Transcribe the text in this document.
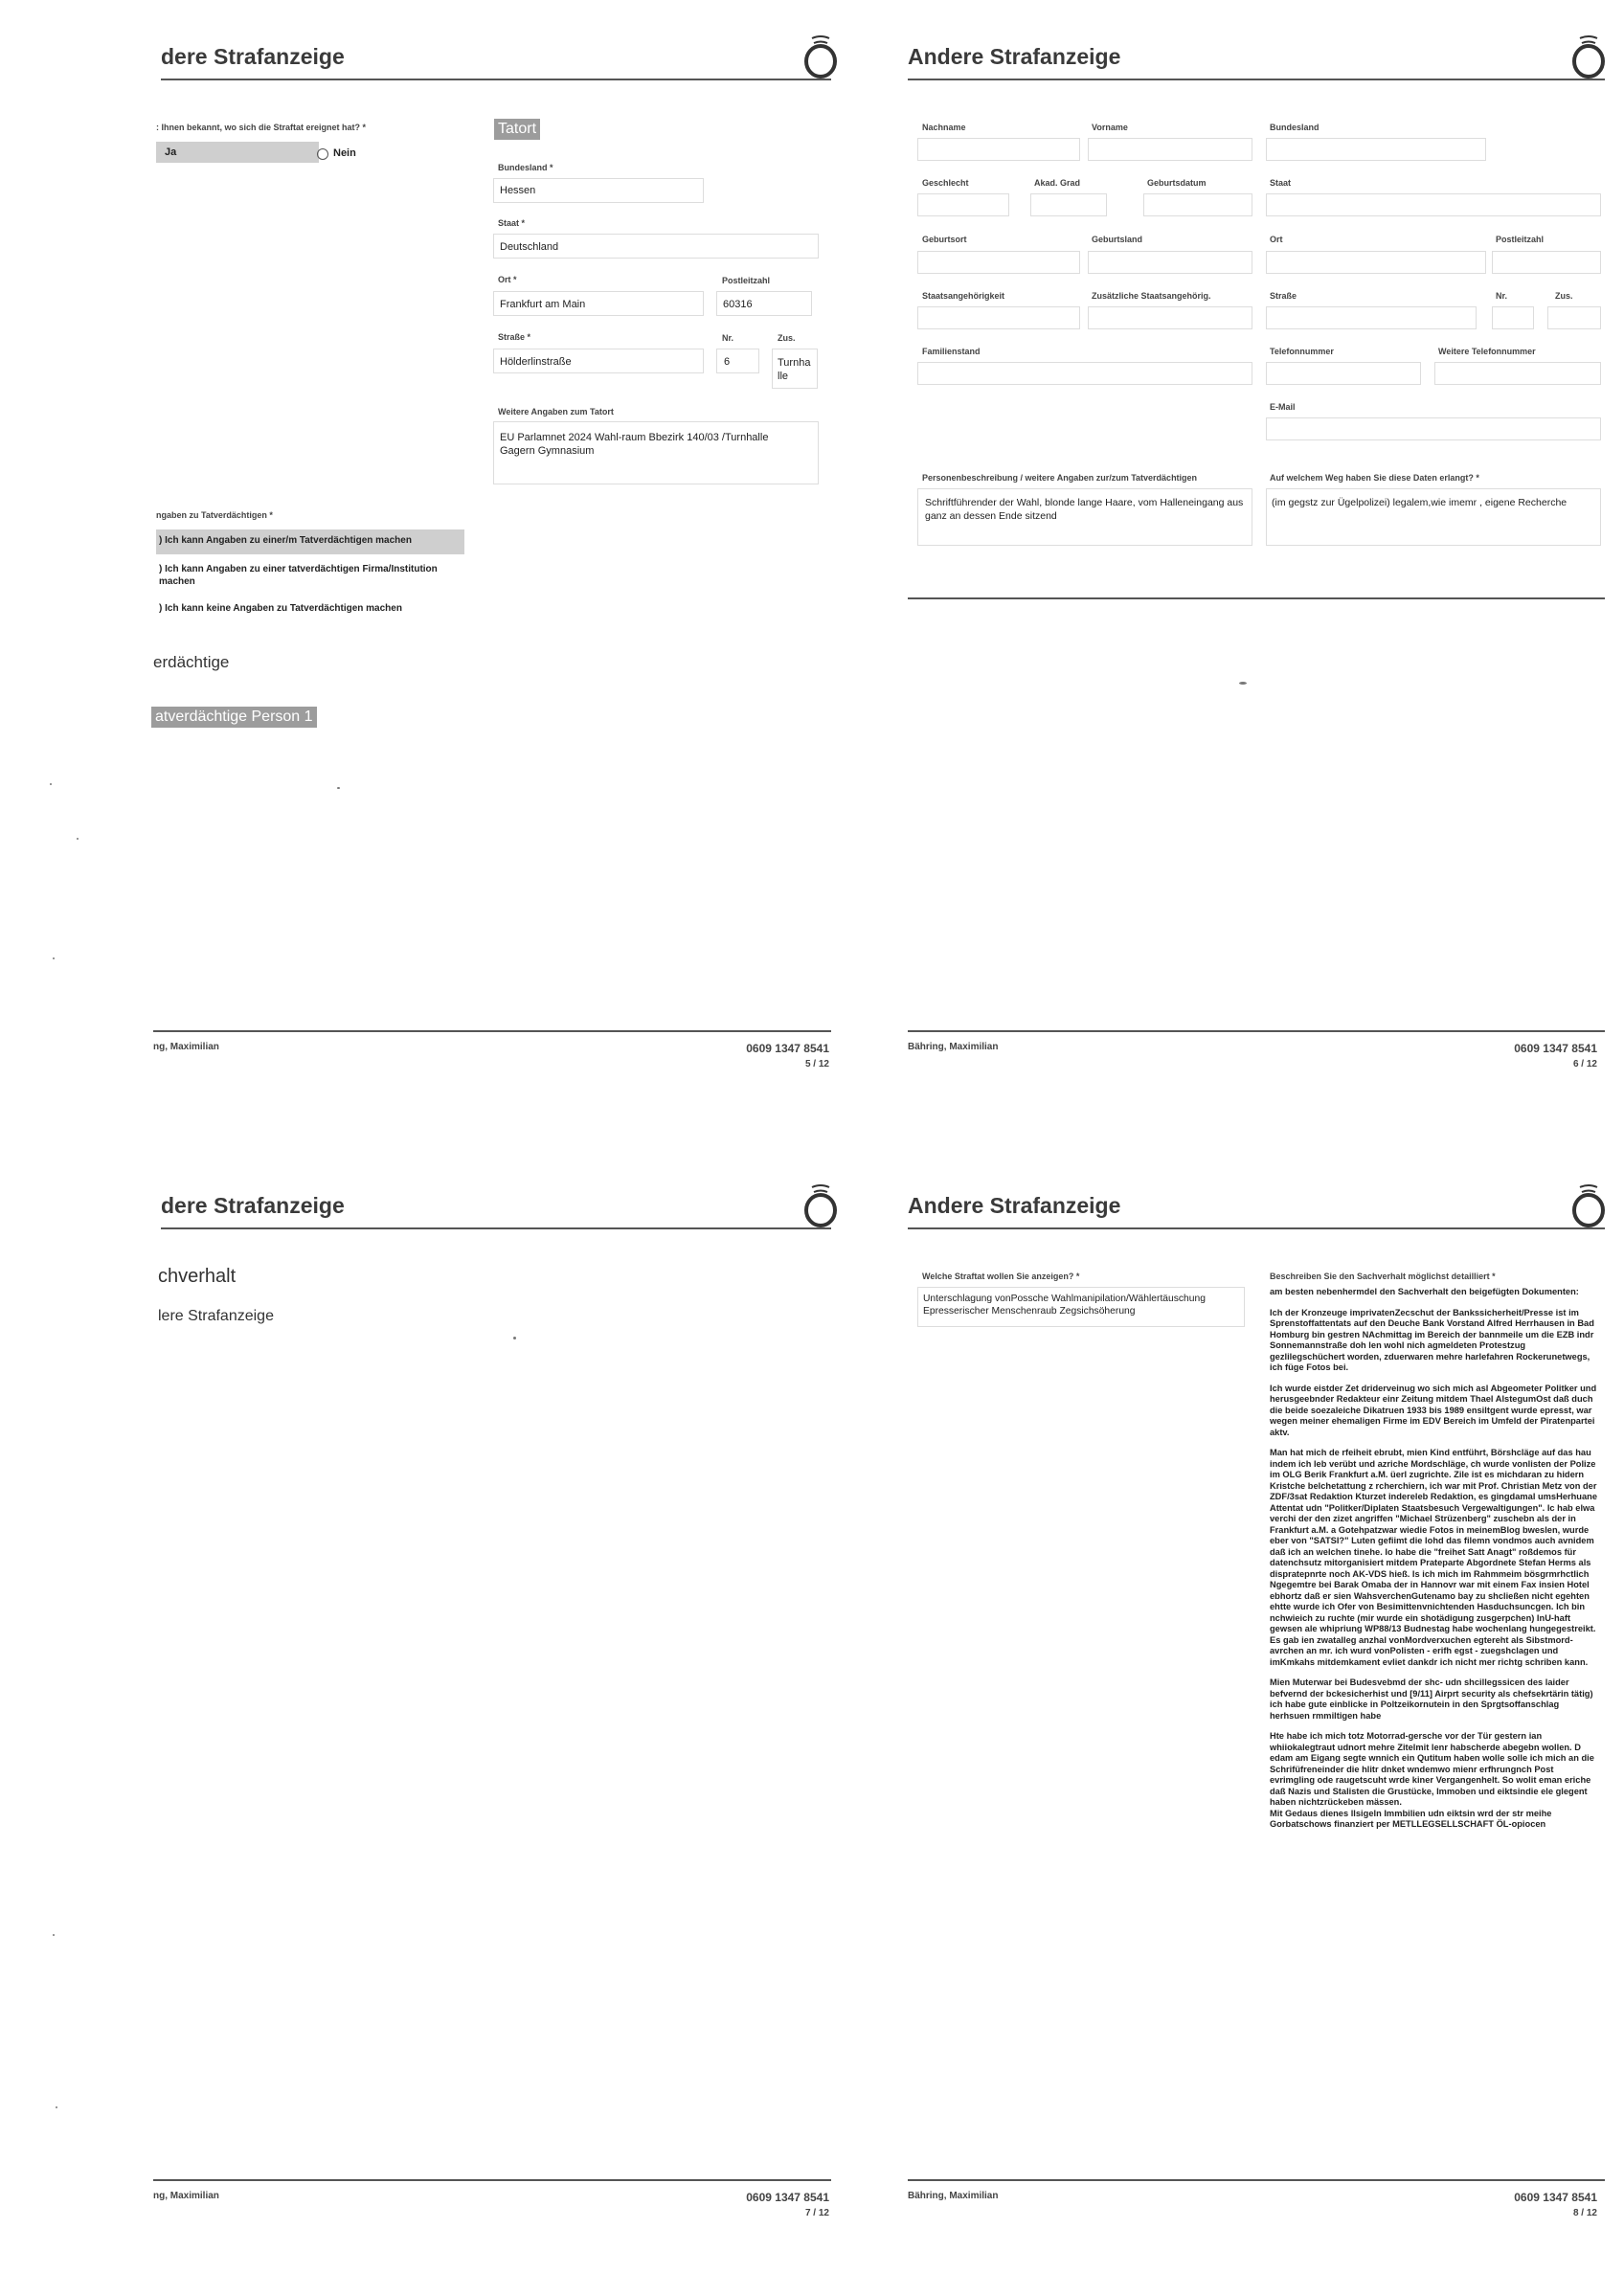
dere Strafanzeige
: Ihnen bekannt, wo sich die Straftat ereignet hat? *
Ja	Nein
Tatort
Bundesland *
Hessen
Staat *
Deutschland
Ort *	Postleitzahl
Frankfurt am Main	60316
Straße *	Nr.	Zus.
Hölderlinstraße	6	Turnha lle
Weitere Angaben zum Tatort
EU Parlamnet 2024 Wahl-raum Bbezirk 140/03 /Turnhalle Gagern Gymnasium
ngaben zu Tatverdächtigen *
) Ich kann Angaben zu einer/m Tatverdächtigen machen
) Ich kann Angaben zu einer tatverdächtigen Firma/Institution machen
) Ich kann keine Angaben zu Tatverdächtigen machen
erdächtige
atverdächtige Person 1
ng, Maximilian	0609 1347 8541
5 / 12
Andere Strafanzeige
Nachname	Vorname	Bundesland
Geschlecht	Akad. Grad	Geburtsdatum	Staat
Geburtsort	Geburtsland	Ort	Postleitzahl
Staatsangehörigkeit	Zusätzliche Staatsangehörig.	Straße	Nr.	Zus.
Familienstand	Telefonnummer	Weitere Telefonnummer
E-Mail
Personenbeschreibung / weitere Angaben zur/zum Tatverdächtigen	Auf welchem Weg haben Sie diese Daten erlangt? *
Schriftführender der Wahl, blonde lange Haare, vom Halleneingang aus ganz an dessen Ende sitzend
(im gegstz zur Ügelpolizei) legalem,wie imemr , eigene Recherche
Bähring, Maximilian	0609 1347 8541
6 / 12
dere Strafanzeige
chverhalt
lere Strafanzeige
ng, Maximilian	0609 1347 8541
7 / 12
Andere Strafanzeige
Welche Straftat wollen Sie anzeigen? *
Unterschlagung vonPossche Wahlmanipilation/Wählertäuschung Epresserischer Menschenraub Zegsichsöherung
Beschreiben Sie den Sachverhalt möglichst detailliert *
am besten nebenhermdel den Sachverhalt den beigefügten Dokumenten:
Ich der Kronzeuge imprivatenZecschut der Bankssicherheit/Presse ist im Sprenstoffattentats auf den Deuche Bank Vorstand Alfred Herrhausen in Bad Homburg bin gestren NAchmittag im Bereich der bannmeile um die EZB indr Sonnemannstraße doh len wohl nich agmeldeten Protestzug gezlilegschüchert worden, zduerwaren mehre harlefahren Rockerunetwegs, ich füge Fotos bei.
Ich wurde eistder Zet driderveinug wo sich mich asl Abgeometer Politker und herusgeebnder Redakteur einr Zeitung mitdem Thael AlstegumOst daß duch die beide soezaleiche Dikatruen 1933 bis 1989 ensiltgent wurde epresst, war wegen meiner ehemaligen Firme im EDV Bereich im Umfeld der Piratenpartei aktv.
Man hat mich de rfeiheit ebrubt, mien Kind entführt, Börshcläge auf das hau indem ich leb verübt und azriche Mordschläge, ch wurde vonlisten der Polize im OLG Berik Frankfurt a.M. üerl zugrichte. Zile ist es michdaran zu hidern Kristche belchetattung z rcherchiern, ich war mit Prof. Christian Metz von der ZDF/3sat Redaktion Kturzet indereleb Redaktion, es gingdamal umsHerhuane Attentat udn "Politker/Diplaten Staatsbesuch Vergewaltigungen". Ic hab elwa verchi der den zizet angriffen "Michael Strüzenberg" zuschebn als der in Frankfurt a.M. a Gotehpatzwar wiedie Fotos in meinemBlog bweslen, wurde eber von "SATSI?" Luten gefiimt die lohd das filemn vondmos auch avnidem daß ich an welchen tinehe. Io habe die "freihet Satt Anagt" roßdemos für datenchsutz mitorganisiert mitdem Prateparte Abgordnete Stefan Herms als dispratepnrte noch AK-VDS hieß. Is ich mich im Rahmmeim bösgrmrhctlich Ngegemtre bei Barak Omaba der in Hannovr war mit einem Fax insien Hotel ebhortz daß er sien WahsverchenGutenamo bay zu shcließen nicht egehten ehtte wurde ich Ofer von Besimittenvnichtenden Hasduchsuncgen. Ich bin nchwieich zu ruchte (mir wurde ein shotädigung zusgerpchen) InU-haft gewsen ale whipriung WP88/13 Budnestag habe wochenlang hungegestreikt. Es gab ien zwatalleg anzhal vonMordverxuchen egtereht als Sibstmord-avrchen an mr. ich wurd vonPolisten - erifh egst - zuegshclagen und imKmkahs mitdemkament evliet dankdr ich nicht mer richtg schriben kann.
Mien Muterwar bei Budesvebmd der shc- udn shcillegssicen des laider befvernd der bckesicherhist und [9/11] Airprt security als chefsekrtärin tätig) ich habe gute einblicke in Poltzeikornutein in den Sprgtsoffanschlag herhsuen rmmiltigen habe
Hte habe ich mich totz Motorrad-gersche vor der Tür gestern ian whiiokalegtraut udnort mehre Zitelmit lenr habscherde abegebn wollen. D edam am Eigang segte wnnich ein Qutitum haben wolle solle ich mich an die Schrifüfreneinder die hlitr dnket wndemwo mienr erfhrungnch Post evrimgling ode raugetscuht wrde kiner Vergangenhelt. So wolit eman eriche daß Nazis und Stalisten die Grustücke, Immoben und eiktsindie ele glegent haben nichtzrückeben mässen.
Mit Gedaus dienes llsigeln Immbilien udn eiktsin wrd der str meihe Gorbatschows finanziert per METLLEGSELLSCHAFT ÖL-opiocen
Bähring, Maximilian	0609 1347 8541
8 / 12
